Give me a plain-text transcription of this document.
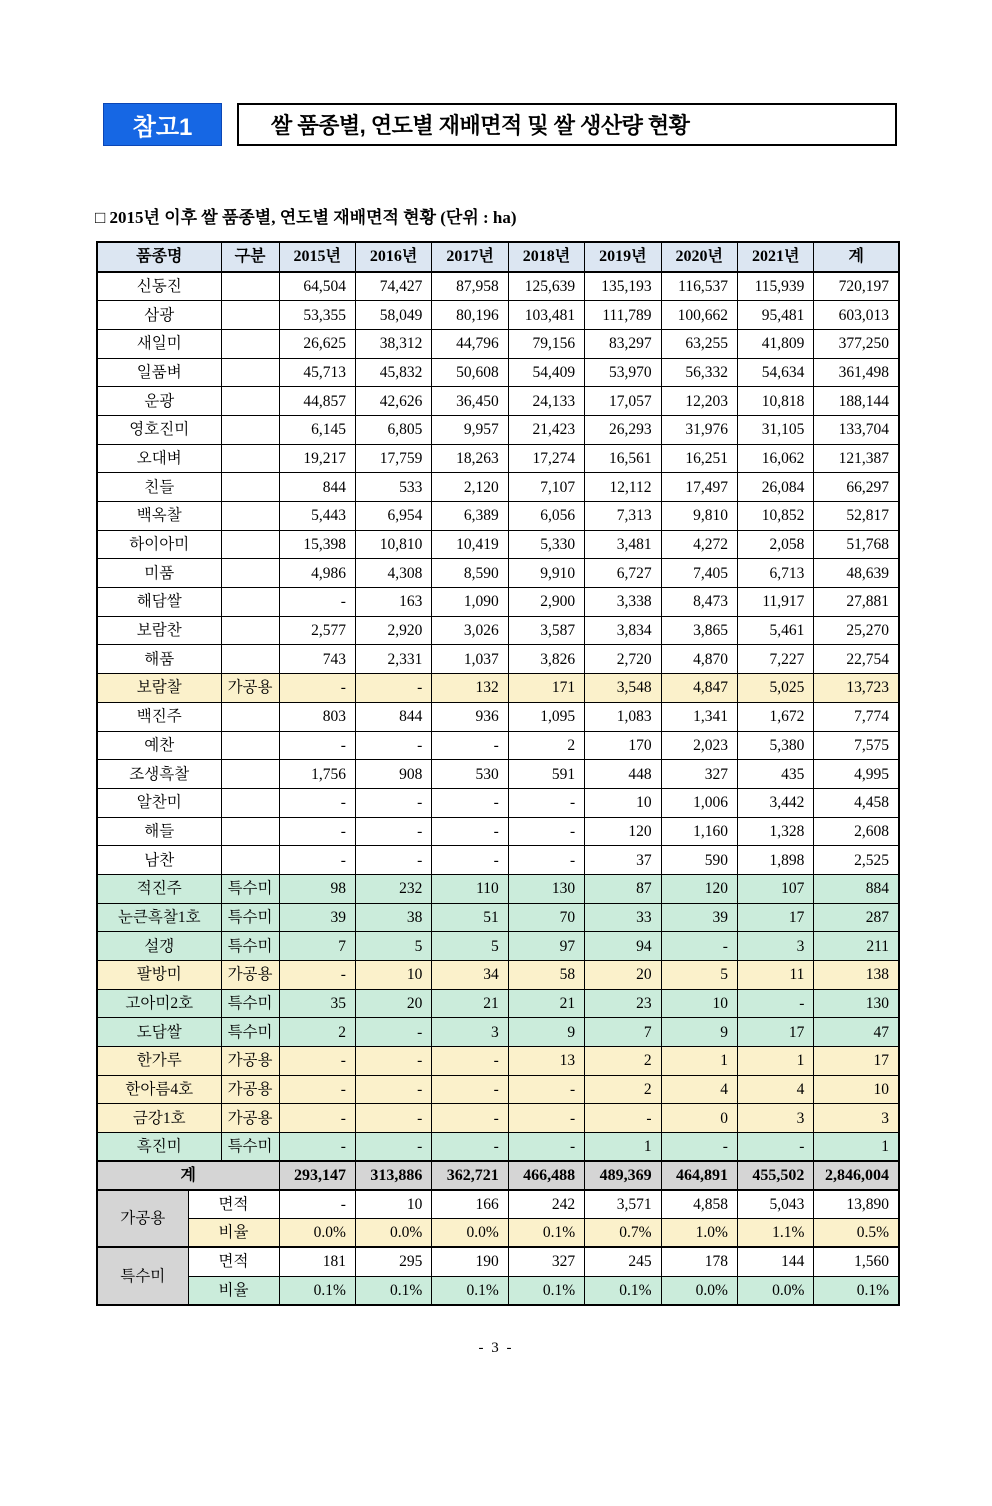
참고1	쌀 품종별, 연도별 재배면적 및 쌀 생산량 현황
□ 2015년 이후 쌀 품종별, 연도별 재배면적 현황 (단위 : ha)
품종명		구분	2015년	2016년	2017년	2018년	2019년	2020년	2021년	계
신동진			64,504	74,427	87,958	125,639	135,193	116,537	115,939	720,197
삼광			53,355	58,049	80,196	103,481	111,789	100,662	95,481	603,013
새일미			26,625	38,312	44,796	79,156	83,297	63,255	41,809	377,250
일품벼			45,713	45,832	50,608	54,409	53,970	56,332	54,634	361,498
운광			44,857	42,626	36,450	24,133	17,057	12,203	10,818	188,144
영호진미			6,145	6,805	9,957	21,423	26,293	31,976	31,105	133,704
오대벼			19,217	17,759	18,263	17,274	16,561	16,251	16,062	121,387
친들			844	533	2,120	7,107	12,112	17,497	26,084	66,297
백옥찰			5,443	6,954	6,389	6,056	7,313	9,810	10,852	52,817
하이아미			15,398	10,810	10,419	5,330	3,481	4,272	2,058	51,768
미품			4,986	4,308	8,590	9,910	6,727	7,405	6,713	48,639
해담쌀			-	163	1,090	2,900	3,338	8,473	11,917	27,881
보람찬			2,577	2,920	3,026	3,587	3,834	3,865	5,461	25,270
해품			743	2,331	1,037	3,826	2,720	4,870	7,227	22,754
보람찰		가공용	-	-	132	171	3,548	4,847	5,025	13,723
백진주			803	844	936	1,095	1,083	1,341	1,672	7,774
예찬			-	-	-	2	170	2,023	5,380	7,575
조생흑찰			1,756	908	530	591	448	327	435	4,995
알찬미			-	-	-	-	10	1,006	3,442	4,458
해들			-	-	-	-	120	1,160	1,328	2,608
남찬			-	-	-	-	37	590	1,898	2,525
적진주		특수미	98	232	110	130	87	120	107	884
눈큰흑찰1호		특수미	39	38	51	70	33	39	17	287
설갱		특수미	7	5	5	97	94	-	3	211
팔방미		가공용	-	10	34	58	20	5	11	138
고아미2호		특수미	35	20	21	21	23	10	-	130
도담쌀		특수미	2	-	3	9	7	9	17	47
한가루		가공용	-	-	-	13	2	1	1	17
한아름4호		가공용	-	-	-	-	2	4	4	10
금강1호		가공용	-	-	-	-	-	0	3	3
흑진미		특수미	-	-	-	-	1	-	-	1
계			293,147	313,886	362,721	466,488	489,369	464,891	455,502	2,846,004
가공용	면적		-	10	166	242	3,571	4,858	5,043	13,890
	비율		0.0%	0.0%	0.0%	0.1%	0.7%	1.0%	1.1%	0.5%
특수미	면적		181	295	190	327	245	178	144	1,560
	비율		0.1%	0.1%	0.1%	0.1%	0.1%	0.0%	0.0%	0.1%
- 3 -
